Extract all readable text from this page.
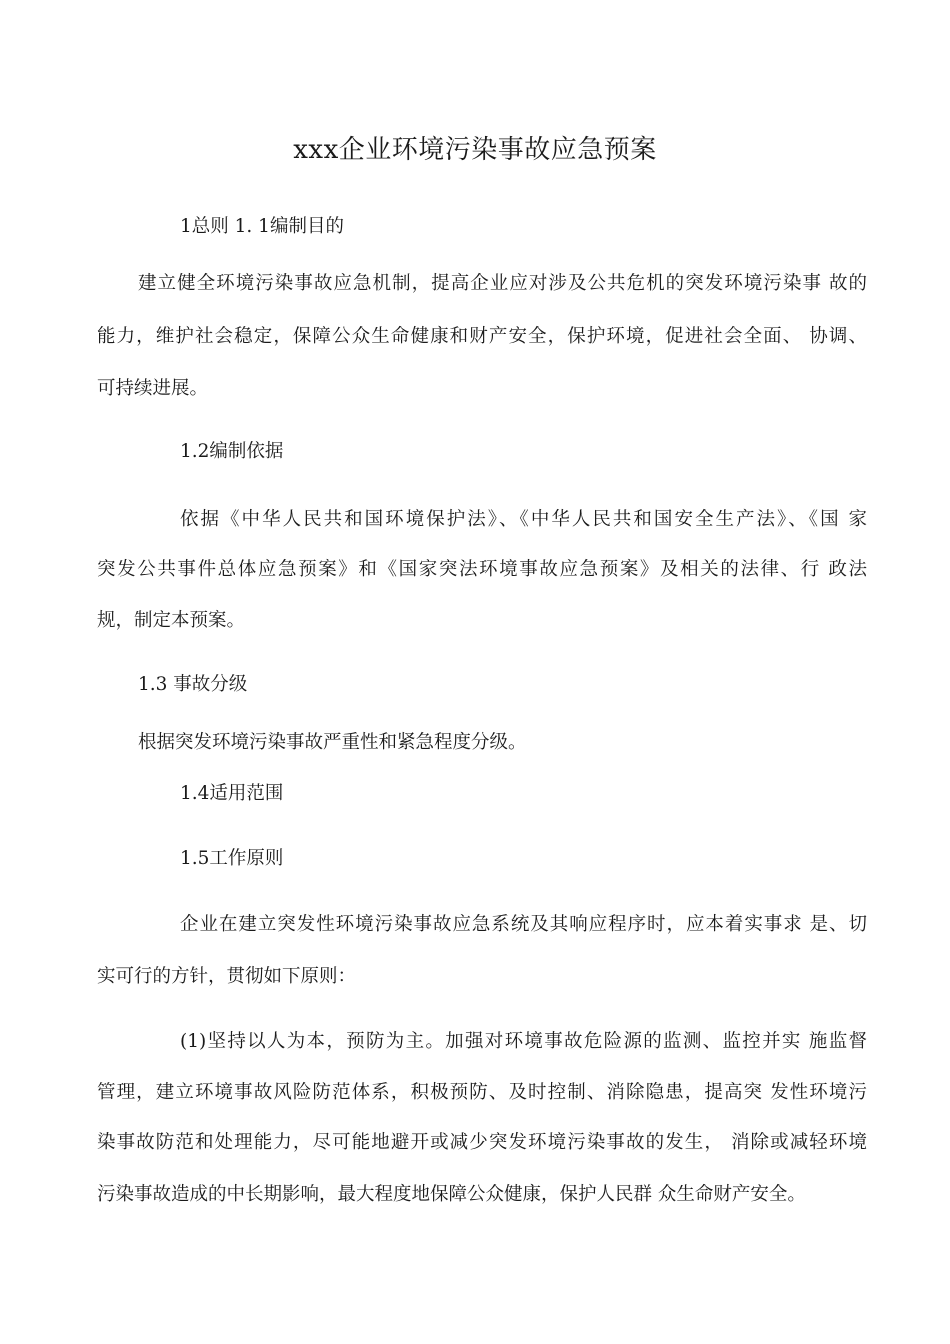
xxx企业环境污染事故应急预案

1总则 1. 1编制目的

建立健全环境污染事故应急机制，提高企业应对涉及公共危机的突发环境污染事 故的

能力，维护社会稳定，保障公众生命健康和财产安全，保护环境，促进社会全面、 协调、

可持续进展。

1.2编制依据

依据《中华人民共和国环境保护法》、《中华人民共和国安全生产法》、《国 家

突发公共事件总体应急预案》和《国家突法环境事故应急预案》及相关的法律、行 政法

规，制定本预案。

1.3 事故分级

根据突发环境污染事故严重性和紧急程度分级。

1.4适用范围

1.5工作原则

企业在建立突发性环境污染事故应急系统及其响应程序时，应本着实事求 是、切

实可行的方针，贯彻如下原则：

(1)坚持以人为本，预防为主。加强对环境事故危险源的监测、监控并实 施监督

管理，建立环境事故风险防范体系，积极预防、及时控制、消除隐患，提高突 发性环境污

染事故防范和处理能力，尽可能地避开或减少突发环境污染事故的发生， 消除或减轻环境

污染事故造成的中长期影响，最大程度地保障公众健康，保护人民群 众生命财产安全。
